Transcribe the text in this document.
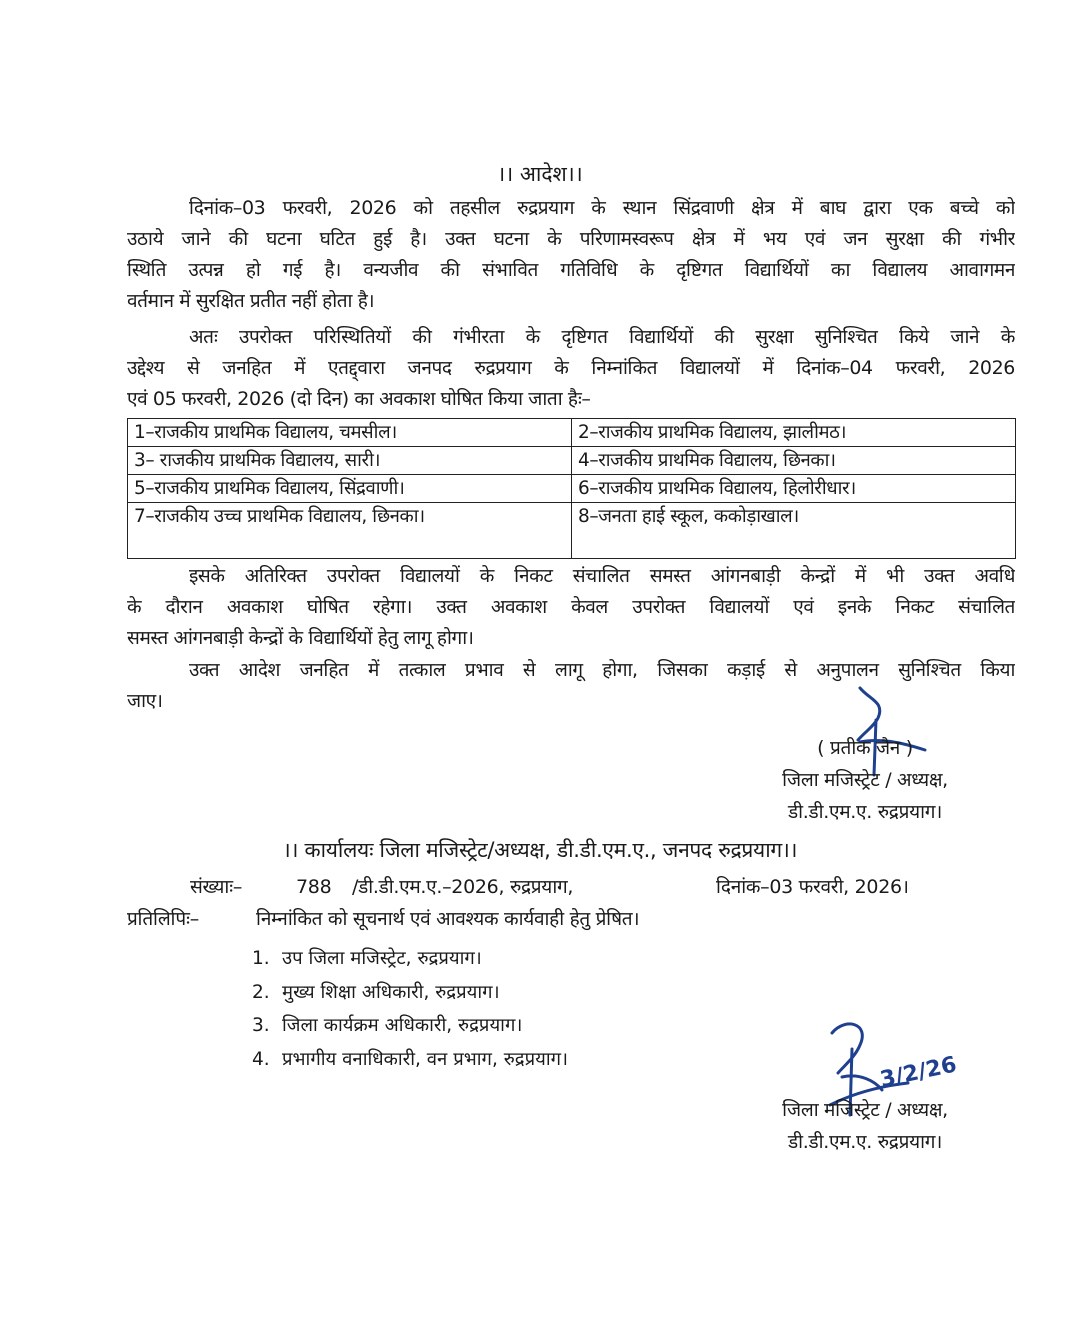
।। आदेश।।
दिनांक–03 फरवरी, 2026 को तहसील रुद्रप्रयाग के स्थान सिंद्रवाणी क्षेत्र में बाघ द्वारा एक बच्चे को
उठाये जाने की घटना घटित हुई है। उक्त घटना के परिणामस्वरूप क्षेत्र में भय एवं जन सुरक्षा की गंभीर
स्थिति उत्पन्न हो गई है। वन्यजीव की संभावित गतिविधि के दृष्टिगत विद्यार्थियों का विद्यालय आवागमन
वर्तमान में सुरक्षित प्रतीत नहीं होता है।
अतः उपरोक्त परिस्थितियों की गंभीरता के दृष्टिगत विद्यार्थियों की सुरक्षा सुनिश्चित किये जाने के
उद्देश्य से जनहित में एतद्द्वारा जनपद रुद्रप्रयाग के निम्नांकित विद्यालयों में दिनांक–04 फरवरी, 2026
एवं 05 फरवरी, 2026 (दो दिन) का अवकाश घोषित किया जाता हैः–
1–राजकीय प्राथमिक विद्यालय, चमसील।	2–राजकीय प्राथमिक विद्यालय, झालीमठ।
3– राजकीय प्राथमिक विद्यालय, सारी।	4–राजकीय प्राथमिक विद्यालय, छिनका।
5–राजकीय प्राथमिक विद्यालय, सिंद्रवाणी।	6–राजकीय प्राथमिक विद्यालय, हिलोरीधार।
7–राजकीय उच्च प्राथमिक विद्यालय, छिनका।	8–जनता हाई स्कूल, ककोड़ाखाल।
इसके अतिरिक्त उपरोक्त विद्यालयों के निकट संचालित समस्त आंगनबाड़ी केन्द्रों में भी उक्त अवधि
के दौरान अवकाश घोषित रहेगा। उक्त अवकाश केवल उपरोक्त विद्यालयों एवं इनके निकट संचालित
समस्त आंगनबाड़ी केन्द्रों के विद्यार्थियों हेतु लागू होगा।
उक्त आदेश जनहित में तत्काल प्रभाव से लागू होगा, जिसका कड़ाई से अनुपालन सुनिश्चित किया
जाए।
( प्रतीक जैन )
जिला मजिस्ट्रेट / अध्यक्ष,
डी.डी.एम.ए. रुद्रप्रयाग।
।। कार्यालयः जिला मजिस्ट्रेट/अध्यक्ष, डी.डी.एम.ए., जनपद रुद्रप्रयाग।।
संख्याः–	788 /डी.डी.एम.ए.–2026, रुद्रप्रयाग,	दिनांक–03 फरवरी, 2026।
प्रतिलिपिः–	निम्नांकित को सूचनार्थ एवं आवश्यक कार्यवाही हेतु प्रेषित।
1. उप जिला मजिस्ट्रेट, रुद्रप्रयाग।
2. मुख्य शिक्षा अधिकारी, रुद्रप्रयाग।
3. जिला कार्यक्रम अधिकारी, रुद्रप्रयाग।
4. प्रभागीय वनाधिकारी, वन प्रभाग, रुद्रप्रयाग।	3/2/26
जिला मजिस्ट्रेट / अध्यक्ष,
डी.डी.एम.ए. रुद्रप्रयाग।
